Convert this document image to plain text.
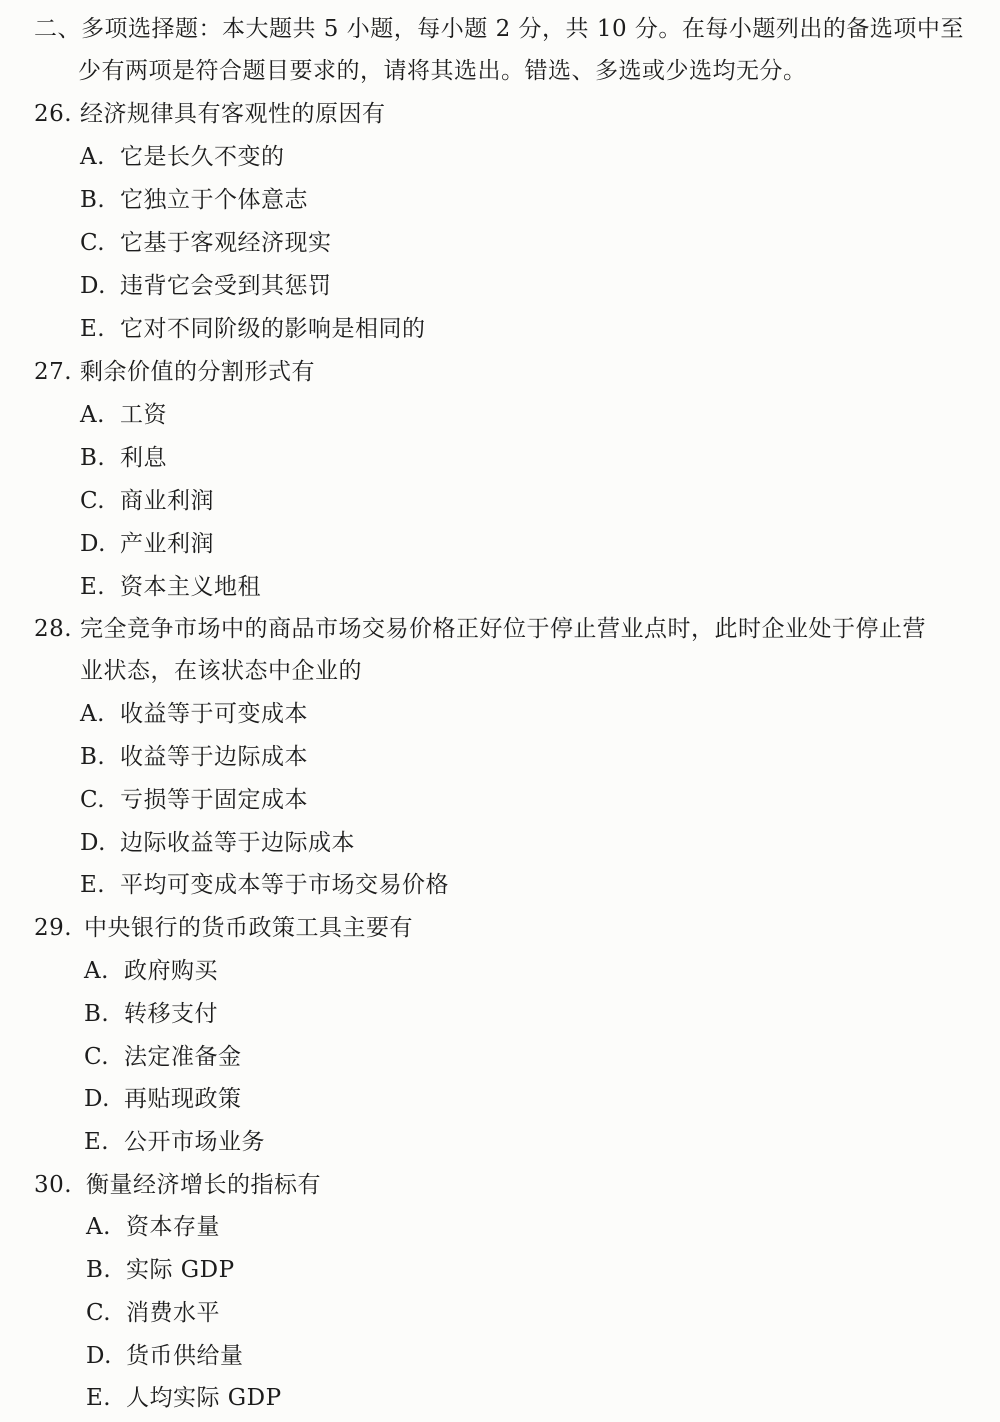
二、多项选择题：本大题共 5 小题，每小题 2 分，共 10 分。在每小题列出的备选项中至
少有两项是符合题目要求的，请将其选出。错选、多选或少选均无分。
26. 经济规律具有客观性的原因有
A. 它是长久不变的
B. 它独立于个体意志
C. 它基于客观经济现实
D. 违背它会受到其惩罚
E. 它对不同阶级的影响是相同的
27. 剩余价值的分割形式有
A. 工资
B. 利息
C. 商业利润
D. 产业利润
E. 资本主义地租
28. 完全竞争市场中的商品市场交易价格正好位于停止营业点时，此时企业处于停止营
业状态，在该状态中企业的
A. 收益等于可变成本
B. 收益等于边际成本
C. 亏损等于固定成本
D. 边际收益等于边际成本
E. 平均可变成本等于市场交易价格
29. 中央银行的货币政策工具主要有
A. 政府购买
B. 转移支付
C. 法定准备金
D. 再贴现政策
E. 公开市场业务
30. 衡量经济增长的指标有
A. 资本存量
B. 实际 GDP
C. 消费水平
D. 货币供给量
E. 人均实际 GDP
